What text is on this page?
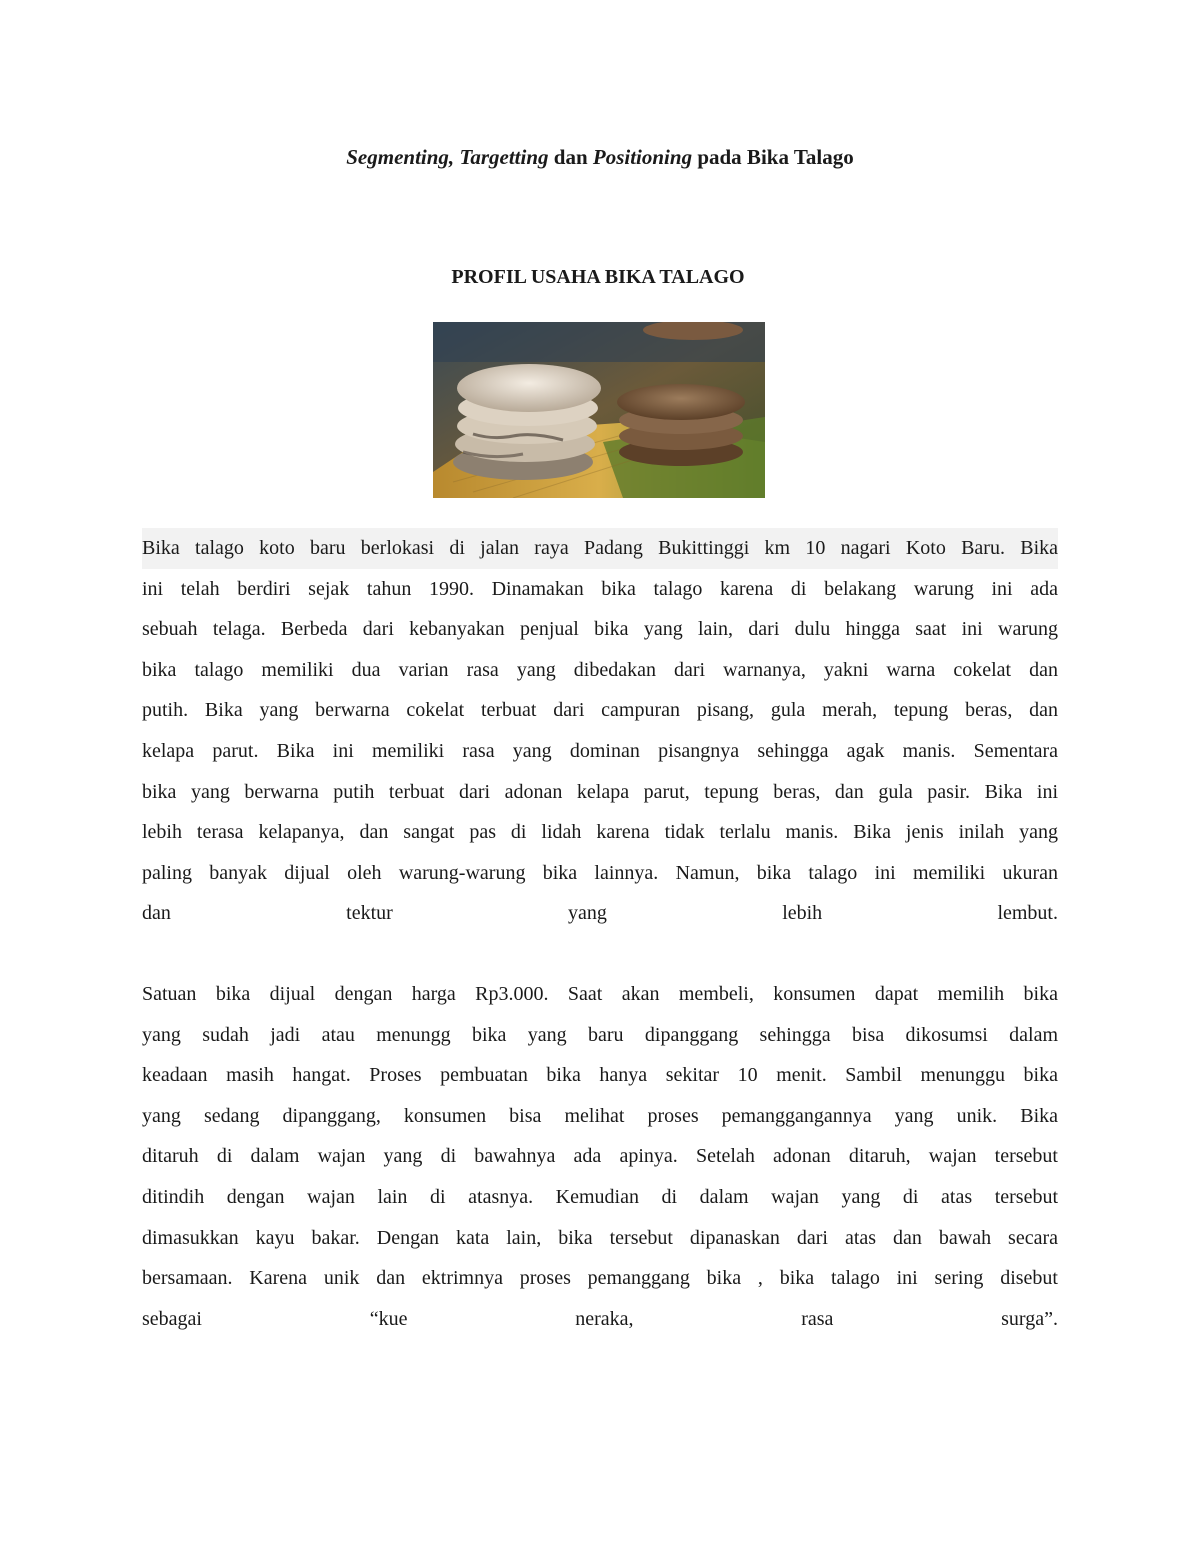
Segmenting, Targetting dan Positioning pada Bika Talago
PROFIL USAHA BIKA TALAGO
Bika talago koto baru berlokasi di jalan raya Padang Bukittinggi km 10 nagari Koto Baru. Bika
ini telah berdiri sejak tahun 1990. Dinamakan bika talago karena di belakang warung ini ada
sebuah telaga. Berbeda dari kebanyakan penjual bika yang lain, dari dulu hingga saat ini warung
bika talago memiliki dua varian rasa yang dibedakan dari warnanya, yakni warna cokelat dan
putih. Bika yang berwarna cokelat terbuat dari campuran pisang, gula merah, tepung beras, dan
kelapa parut. Bika ini memiliki rasa yang dominan pisangnya sehingga agak manis. Sementara
bika yang berwarna putih terbuat dari adonan kelapa parut, tepung beras, dan gula pasir. Bika ini
lebih terasa kelapanya, dan sangat pas di lidah karena tidak terlalu manis. Bika jenis inilah yang
paling banyak dijual oleh warung-warung bika lainnya. Namun, bika talago ini memiliki ukuran
dan tektur yang lebih lembut.
Satuan bika dijual dengan harga Rp3.000. Saat akan membeli, konsumen dapat memilih bika
yang sudah jadi atau menungg bika yang baru dipanggang sehingga bisa dikosumsi dalam
keadaan masih hangat. Proses pembuatan bika hanya sekitar 10 menit. Sambil menunggu bika
yang sedang dipanggang, konsumen bisa melihat proses pemanggangannya yang unik. Bika
ditaruh di dalam wajan yang di bawahnya ada apinya. Setelah adonan ditaruh, wajan tersebut
ditindih dengan wajan lain di atasnya. Kemudian di dalam wajan yang di atas tersebut
dimasukkan kayu bakar. Dengan kata lain, bika tersebut dipanaskan dari atas dan bawah secara
bersamaan. Karena unik dan ektrimnya proses pemanggang bika , bika talago ini sering disebut
sebagai “kue neraka, rasa surga”.
